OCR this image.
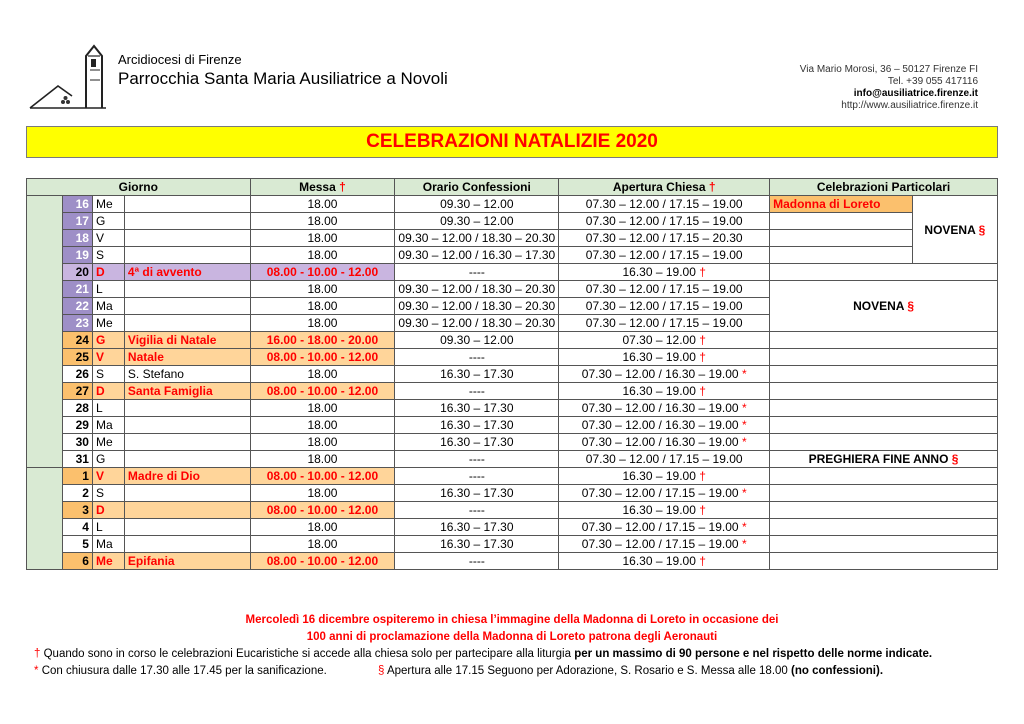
Arcidiocesi di Firenze
Parrocchia Santa Maria Ausiliatrice a Novoli	Via Mario Morosi, 36 – 50127 Firenze FI
Tel. +39 055 417116
info@ausiliatrice.firenze.it
http://www.ausiliatrice.firenze.it
CELEBRAZIONI NATALIZIE 2020
Giorno				Messa †	Orario Confessioni	Apertura Chiesa †	Celebrazioni Particolari	
	16	Me		18.00	09.30 – 12.00	07.30 – 12.00 / 17.15 – 19.00	Madonna di Loreto	NOVENA §
	17	G		18.00	09.30 – 12.00	07.30 – 12.00 / 17.15 – 19.00		
	18	V		18.00	09.30 – 12.00 / 18.30 – 20.30	07.30 – 12.00 / 17.15 – 20.30		
	19	S		18.00	09.30 – 12.00 / 16.30 – 17.30	07.30 – 12.00 / 17.15 – 19.00		
	20	D	4ª di avvento	08.00 - 10.00 - 12.00	----	16.30 – 19.00 †		
	21	L		18.00	09.30 – 12.00 / 18.30 – 20.30	07.30 – 12.00 / 17.15 – 19.00	NOVENA §	
	22	Ma		18.00	09.30 – 12.00 / 18.30 – 20.30	07.30 – 12.00 / 17.15 – 19.00		
	23	Me		18.00	09.30 – 12.00 / 18.30 – 20.30	07.30 – 12.00 / 17.15 – 19.00		
	24	G	Vigilia di Natale	16.00 - 18.00 - 20.00	09.30 – 12.00	07.30 – 12.00 †		
	25	V	Natale	08.00 - 10.00 - 12.00	----	16.30 – 19.00 †		
	26	S	S. Stefano	18.00	16.30 – 17.30	07.30 – 12.00 / 16.30 – 19.00 *		
	27	D	Santa Famiglia	08.00 - 10.00 - 12.00	----	16.30 – 19.00 †		
	28	L		18.00	16.30 – 17.30	07.30 – 12.00 / 16.30 – 19.00 *		
	29	Ma		18.00	16.30 – 17.30	07.30 – 12.00 / 16.30 – 19.00 *		
	30	Me		18.00	16.30 – 17.30	07.30 – 12.00 / 16.30 – 19.00 *		
	31	G		18.00	----	07.30 – 12.00 / 17.15 – 19.00	PREGHIERA FINE ANNO §	
	1	V	Madre di Dio	08.00 - 10.00 - 12.00	----	16.30 – 19.00 †		
	2	S		18.00	16.30 – 17.30	07.30 – 12.00 / 17.15 – 19.00 *		
	3	D		08.00 - 10.00 - 12.00	----	16.30 – 19.00 †		
	4	L		18.00	16.30 – 17.30	07.30 – 12.00 / 17.15 – 19.00 *		
	5	Ma		18.00	16.30 – 17.30	07.30 – 12.00 / 17.15 – 19.00 *		
	6	Me	Epifania	08.00 - 10.00 - 12.00	----	16.30 – 19.00 †		
Mercoledì 16 dicembre ospiteremo in chiesa l’immagine della Madonna di Loreto in occasione dei
100 anni di proclamazione della Madonna di Loreto patrona degli Aeronauti
† Quando sono in corso le celebrazioni Eucaristiche si accede alla chiesa solo per partecipare alla liturgia per un massimo di 90 persone e nel rispetto delle norme indicate.
* Con chiusura dalle 17.30 alle 17.45 per la sanificazione.	§ Apertura alle 17.15 Seguono per Adorazione, S. Rosario e S. Messa alle 18.00 (no confessioni).
